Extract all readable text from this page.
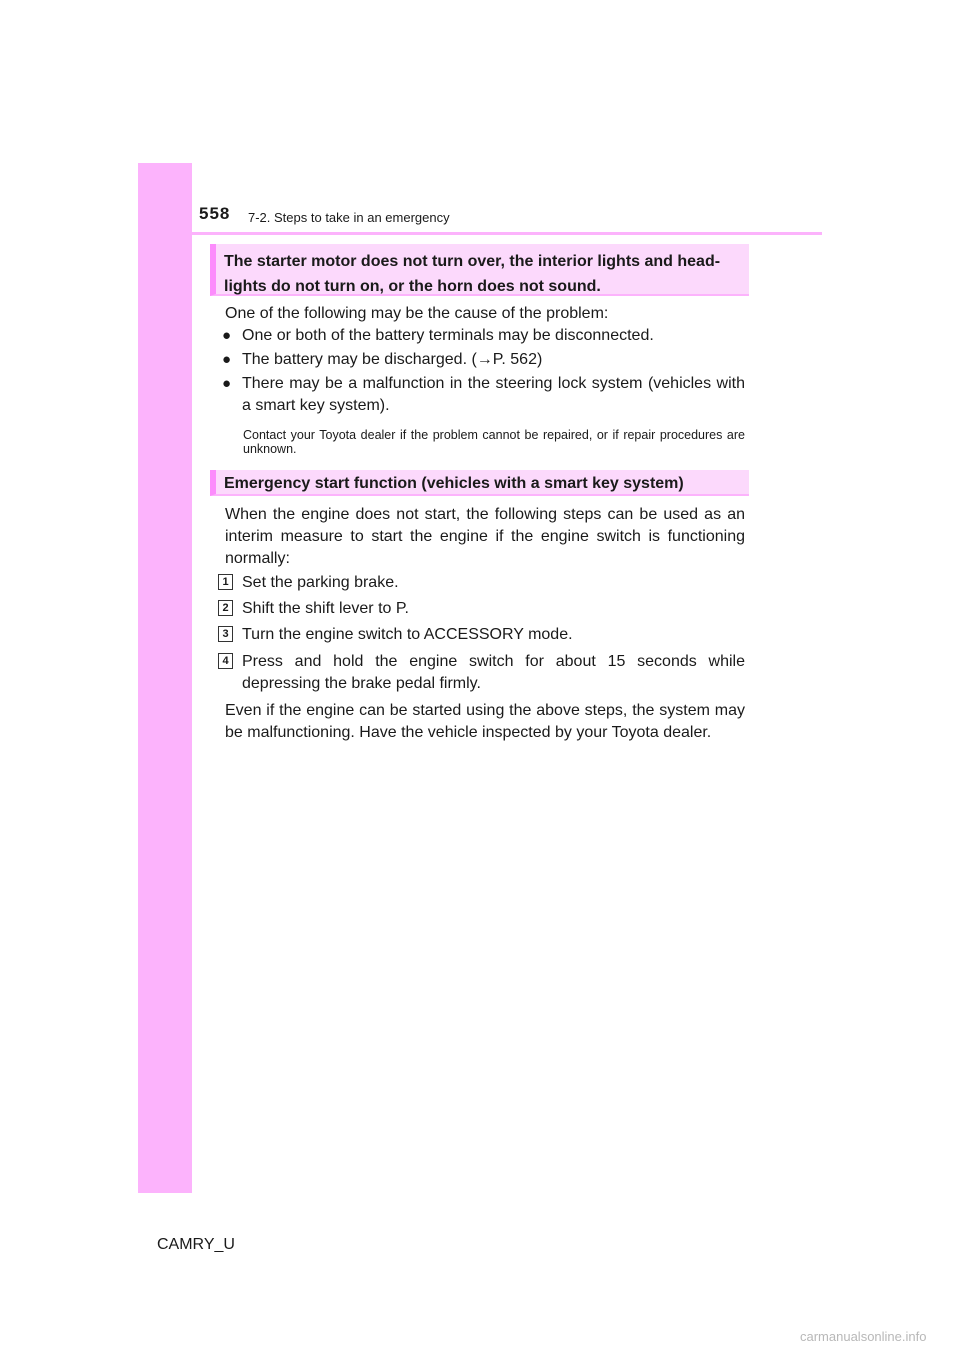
558 7-2. Steps to take in an emergency
The starter motor does not turn over, the interior lights and head-lights do not turn on, or the horn does not sound.
One of the following may be the cause of the problem:
● One or both of the battery terminals may be disconnected.
● The battery may be discharged. (→P. 562)
● There may be a malfunction in the steering lock system (vehicles with a smart key system).
Contact your Toyota dealer if the problem cannot be repaired, or if repair procedures are unknown.
Emergency start function (vehicles with a smart key system)
When the engine does not start, the following steps can be used as an interim measure to start the engine if the engine switch is functioning normally:
1 Set the parking brake.
2 Shift the shift lever to P.
3 Turn the engine switch to ACCESSORY mode.
4 Press and hold the engine switch for about 15 seconds while depressing the brake pedal firmly.
Even if the engine can be started using the above steps, the system may be malfunctioning. Have the vehicle inspected by your Toyota dealer.
CAMRY_U
carmanualsonline.info
